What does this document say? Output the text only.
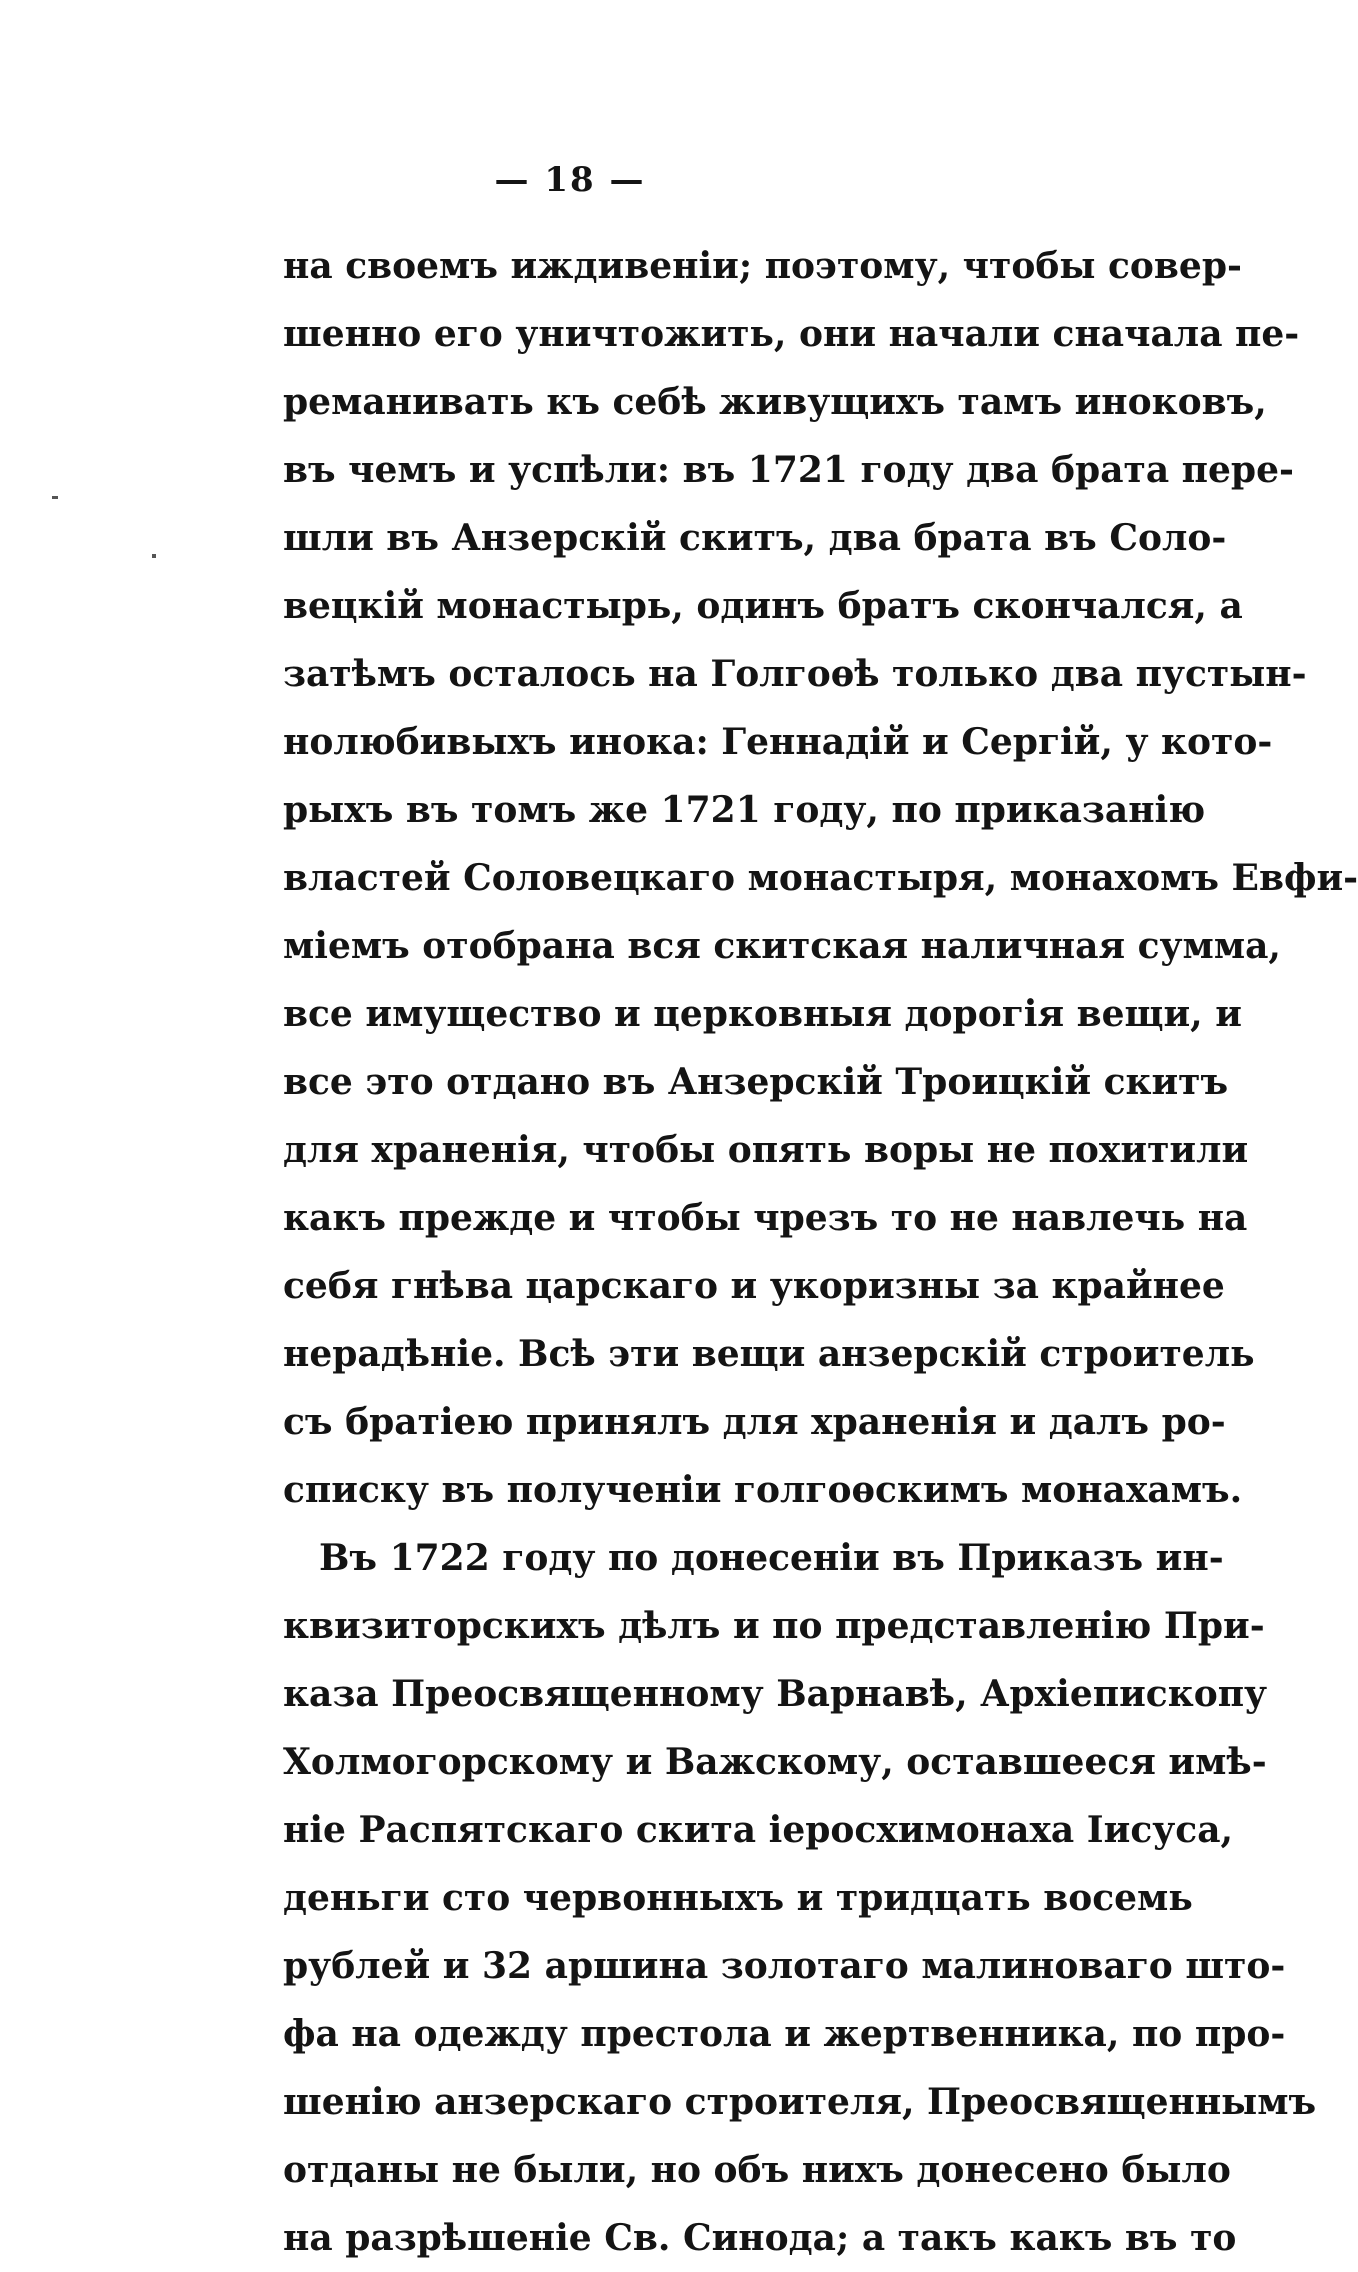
— 18 —
на своемъ иждивеніи; поэтому, чтобы совер-
шенно его уничтожить, они начали сначала пе-
реманивать къ себѣ живущихъ тамъ иноковъ,
въ чемъ и успѣли: въ 1721 году два брата пере-
шли въ Анзерскій скитъ, два брата въ Соло-
вецкій монастырь, одинъ братъ скончался, а
затѣмъ осталось на Голгоѳѣ только два пустын-
нолюбивыхъ инока: Геннадій и Сергій, у кото-
рыхъ въ томъ же 1721 году, по приказанію
властей Соловецкаго монастыря, монахомъ Евфи-
міемъ отобрана вся скитская наличная сумма,
все имущество и церковныя дорогія вещи, и
все это отдано въ Анзерскій Троицкій скитъ
для храненія, чтобы опять воры не похитили
какъ прежде и чтобы чрезъ то не навлечь на
себя гнѣва царскаго и укоризны за крайнее
нерадѣніе. Всѣ эти вещи анзерскій строитель
съ братіею принялъ для храненія и далъ ро-
списку въ полученіи голгоѳскимъ монахамъ.
Въ 1722 году по донесеніи въ Приказъ ин-
квизиторскихъ дѣлъ и по представленію При-
каза Преосвященному Варнавѣ, Архіепископу
Холмогорскому и Важскому, оставшееся имѣ-
ніе Распятскаго скита іеросхимонаха Іисуса,
деньги сто червонныхъ и тридцать восемь
рублей и 32 аршина золотаго малиноваго што-
фа на одежду престола и жертвенника, по про-
шенію анзерскаго строителя, Преосвященнымъ
отданы не были, но объ нихъ донесено было
на разрѣшеніе Св. Синода; а такъ какъ въ то
